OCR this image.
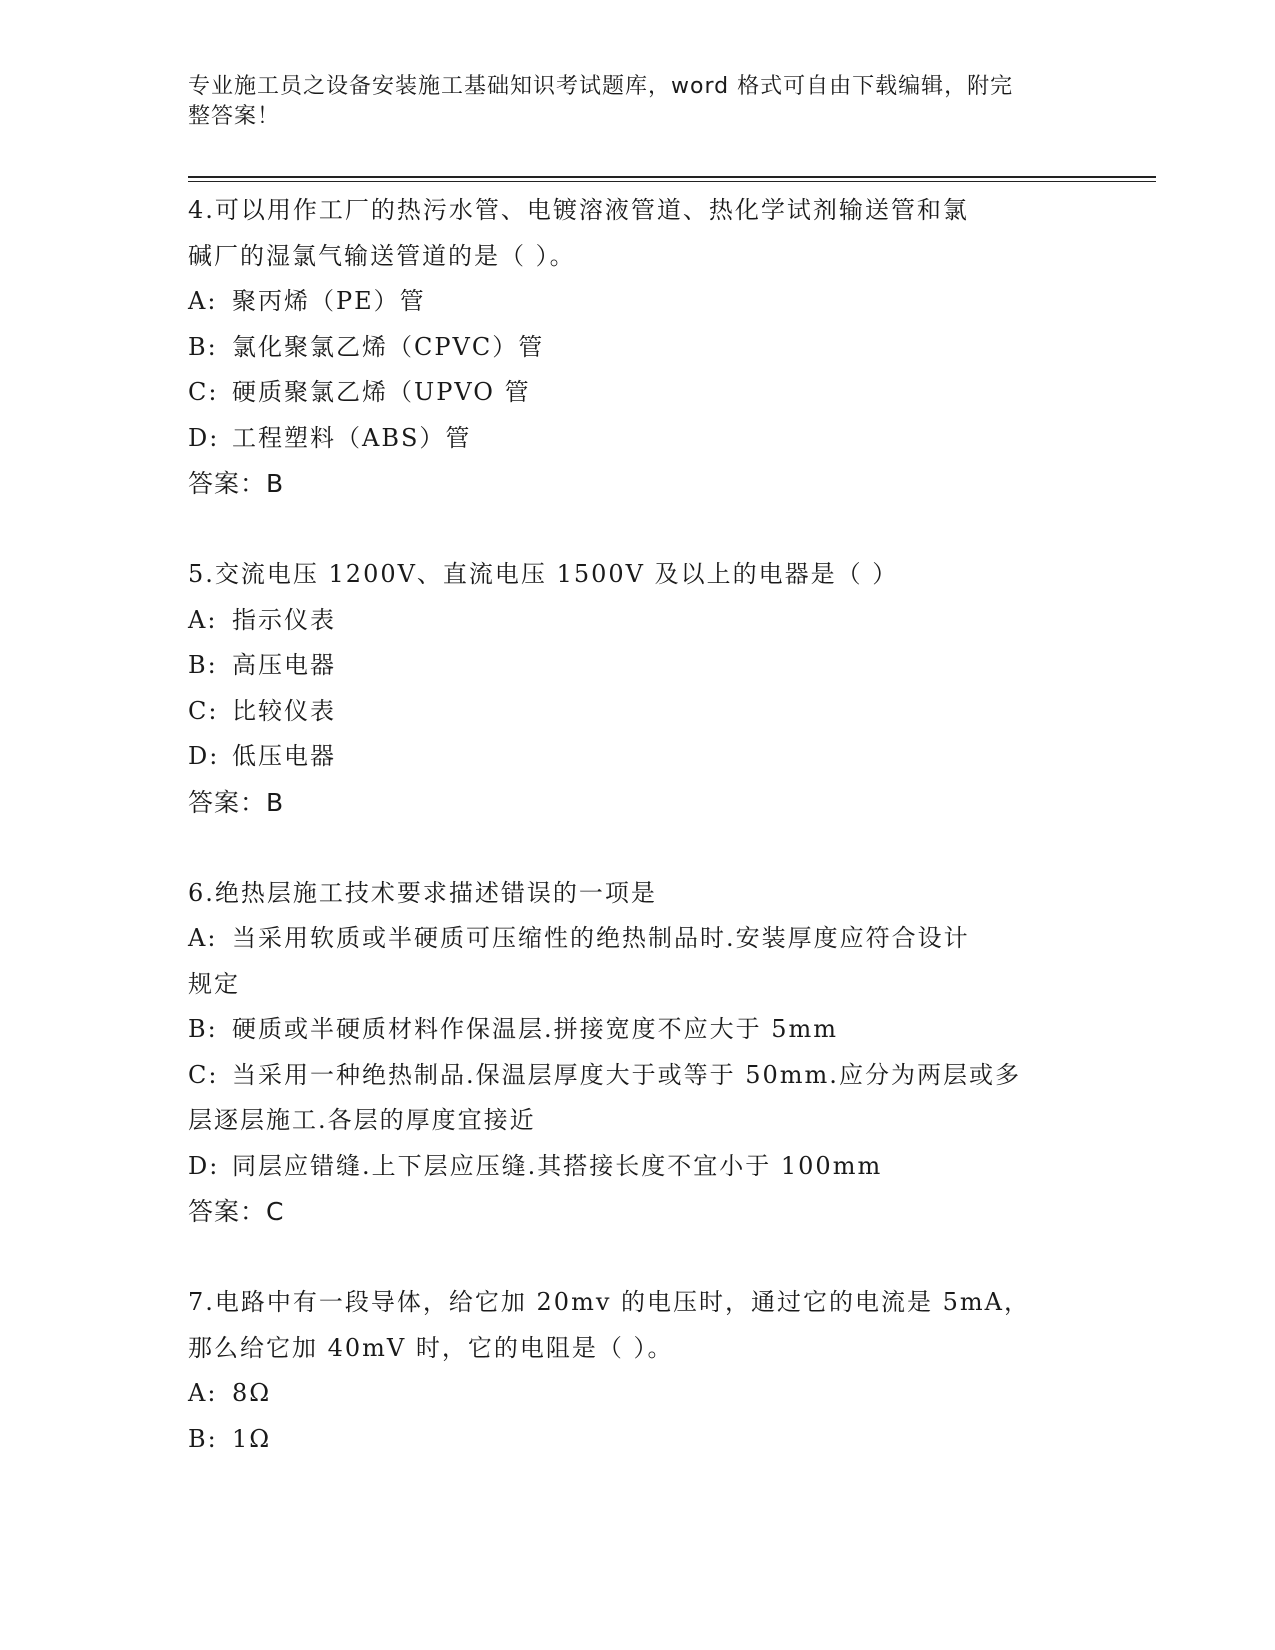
专业施工员之设备安装施工基础知识考试题库，word 格式可自由下载编辑，附完
整答案！
4.可以用作工厂的热污水管、电镀溶液管道、热化学试剂输送管和氯
碱厂的湿氯气输送管道的是（ ）。
A: 聚丙烯（PE）管
B: 氯化聚氯乙烯（CPVC）管
C: 硬质聚氯乙烯（UPVO 管
D: 工程塑料（ABS）管
答案：B
5.交流电压 1200V、直流电压 1500V 及以上的电器是（ ）
A: 指示仪表
B: 高压电器
C: 比较仪表
D: 低压电器
答案：B
6.绝热层施工技术要求描述错误的一项是
A: 当采用软质或半硬质可压缩性的绝热制品时.安装厚度应符合设计
规定
B: 硬质或半硬质材料作保温层.拼接宽度不应大于 5mm
C: 当采用一种绝热制品.保温层厚度大于或等于 50mm.应分为两层或多
层逐层施工.各层的厚度宜接近
D: 同层应错缝.上下层应压缝.其搭接长度不宜小于 100mm
答案：C
7.电路中有一段导体，给它加 20mv 的电压时，通过它的电流是 5mA，
那么给它加 40mV 时，它的电阻是（ ）。
A: 8Ω
B: 1Ω
